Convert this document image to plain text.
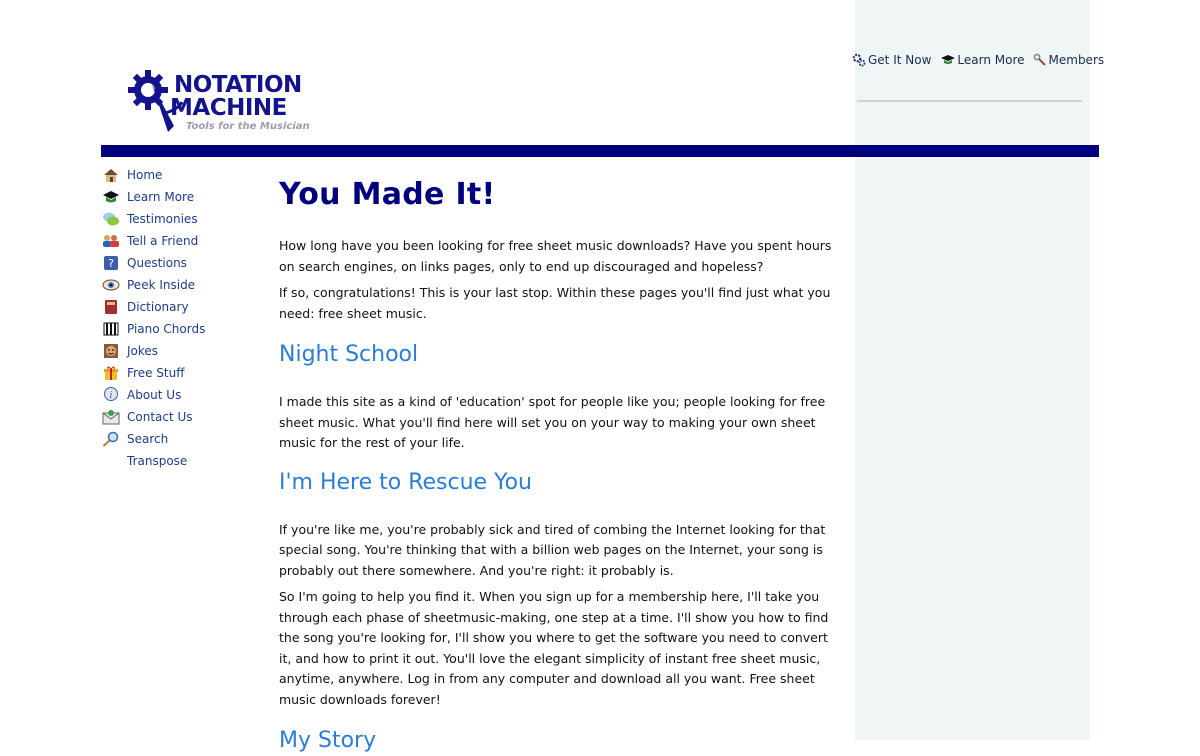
Get It Now Learn More Members
NOTATION
MACHINE
Tools for the Musician
Home
Learn More
Testimonies
Tell a Friend
? Questions
Peek Inside
Dictionary
Piano Chords
Jokes
Free Stuff
i About Us
Contact Us
Search
Transpose
You Made It!

How long have you been looking for free sheet music downloads? Have you spent hours on search engines, on links pages, only to end up discouraged and hopeless?

If so, congratulations! This is your last stop. Within these pages you'll find just what you need: free sheet music.

Night School

I made this site as a kind of 'education' spot for people like you; people looking for free sheet music. What you'll find here will set you on your way to making your own sheet music for the rest of your life.

I'm Here to Rescue You

If you're like me, you're probably sick and tired of combing the Internet looking for that special song. You're thinking that with a billion web pages on the Internet, your song is probably out there somewhere. And you're right: it probably is.

So I'm going to help you find it. When you sign up for a membership here, I'll take you through each phase of sheetmusic-making, one step at a time. I'll show you how to find the song you're looking for, I'll show you where to get the software you need to convert it, and how to print it out. You'll love the elegant simplicity of instant free sheet music, anytime, anywhere. Log in from any computer and download all you want. Free sheet music downloads forever!

My Story
